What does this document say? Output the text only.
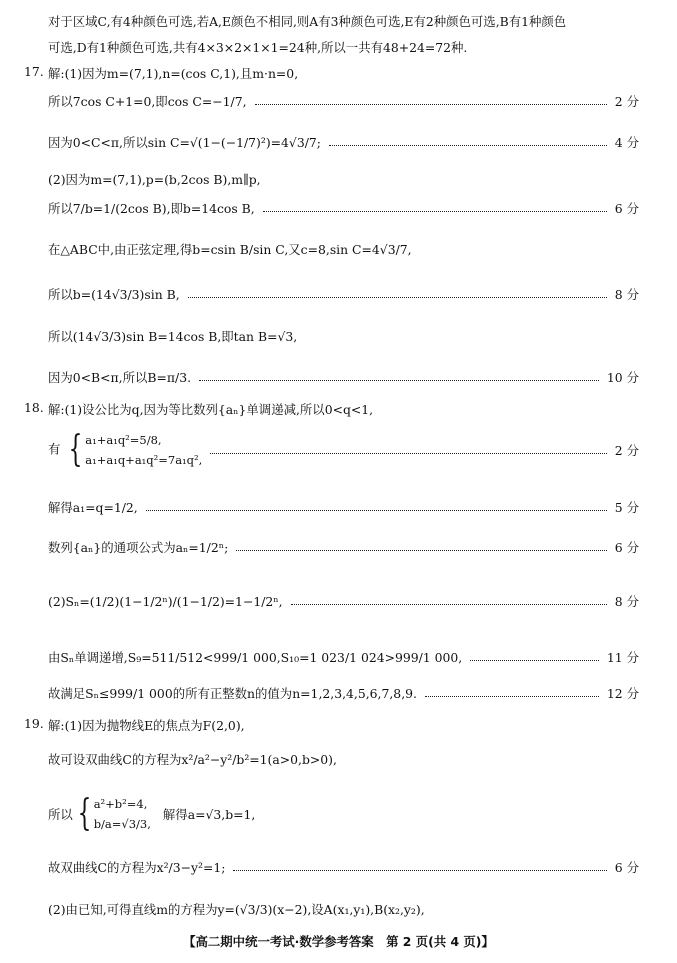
对于区域C,有4种颜色可选,若A,E颜色不相同,则A有3种颜色可选,E有2种颜色可选,B有1种颜色
可选,D有1种颜色可选,共有4×3×2×1×1=24种,所以一共有48+24=72种.
17. 解:(1)因为m=(7,1),n=(cos C,1),且m·n=0,
所以7cos C+1=0,即cos C=−1/7,	2 分
因为0<C<π,所以sin C=√(1−(−1/7)²)=4√3/7;	4 分
(2)因为m=(7,1),p=(b,2cos B),m∥p,
所以7/b=1/(2cos B),即b=14cos B,	6 分
在△ABC中,由正弦定理,得b=csin B/sin C,又c=8,sin C=4√3/7,
所以b=(14√3/3)sin B,	8 分
所以(14√3/3)sin B=14cos B,即tan B=√3,
因为0<B<π,所以B=π/3.	10 分
18. 解:(1)设公比为q,因为等比数列{aₙ}单调递减,所以0<q<1,
有 { a₁+a₁q²=5/8,
a₁+a₁q+a₁q²=7a₁q²,
2 分
解得a₁=q=1/2,	5 分
数列{aₙ}的通项公式为aₙ=1/2ⁿ;	6 分
(2)Sₙ=(1/2)(1−1/2ⁿ)/(1−1/2)=1−1/2ⁿ,	8 分
由Sₙ单调递增,S₉=511/512<999/1 000,S₁₀=1 023/1 024>999/1 000,	11 分
故满足Sₙ≤999/1 000的所有正整数n的值为n=1,2,3,4,5,6,7,8,9.	12 分
19. 解:(1)因为抛物线E的焦点为F(2,0),
故可设双曲线C的方程为x²/a²−y²/b²=1(a>0,b>0),
所以 { a²+b²=4,
b/a=√3/3,
解得a=√3,b=1,
故双曲线C的方程为x²/3−y²=1;	6 分
(2)由已知,可得直线m的方程为y=(√3/3)(x−2),设A(x₁,y₁),B(x₂,y₂),
【高二期中统一考试·数学参考答案　第 2 页(共 4 页)】
